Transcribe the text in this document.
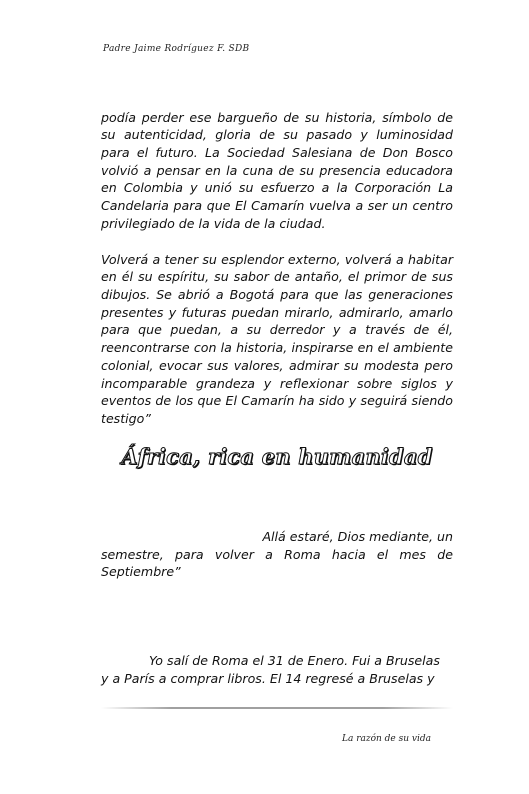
Padre Jaime Rodríguez F. SDB

podía perder ese bargueño de su historia, símbolo de su autenticidad, gloria de su pasado y luminosidad para el futuro. La Sociedad Salesiana de Don Bosco volvió a pensar en la cuna de su presencia educadora en Colombia y unió su esfuerzo a la Corporación La Candelaria para que El Camarín vuelva a ser un centro privilegiado de la vida de la ciudad.

Volverá a tener su esplendor externo, volverá a habitar en él su espíritu, su sabor de antaño, el primor de sus dibujos. Se abrió a Bogotá para que las generaciones presentes y futuras puedan mirarlo, admirarlo, amarlo para que puedan, a su derredor y a través de él, reencontrarse con la historia, inspirarse en el ambiente colonial, evocar sus valores, admirar su modesta pero incomparable grandeza y reflexionar sobre siglos y eventos de los que El Camarín ha sido y seguirá siendo testigo”

África, rica en humanidad
Allá estaré, Dios mediante, un
semestre, para volver a Roma hacia el mes de Septiembre”
Yo salí de Roma el 31 de Enero. Fui a Bruselas
y a París a comprar libros. El 14 regresé a Bruselas y
La razón de su vida
